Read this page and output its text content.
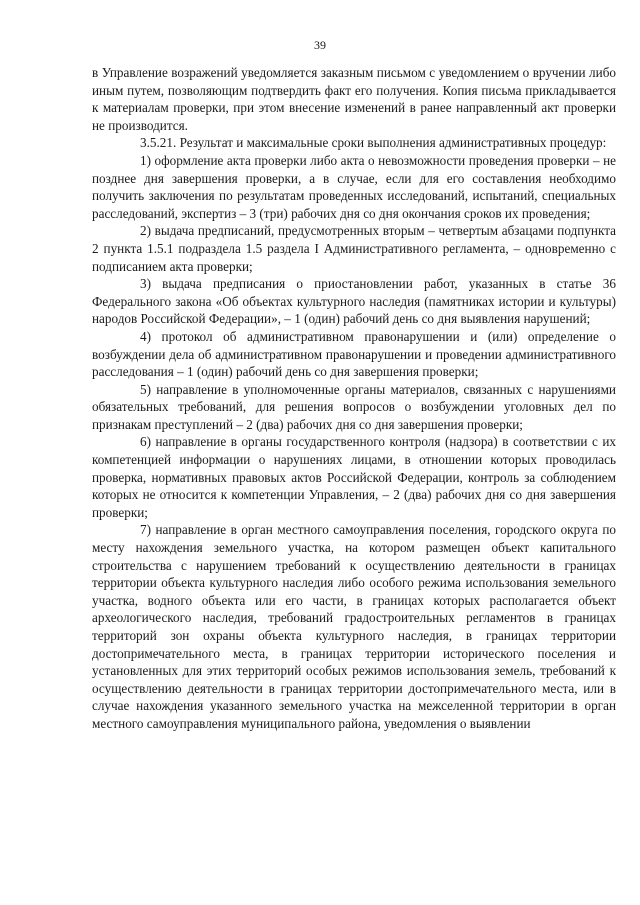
39

в Управление возражений уведомляется заказным письмом с уведомлением о вручении либо иным путем, позволяющим подтвердить факт его получения. Копия письма прикладывается к материалам проверки, при этом внесение изменений в ранее направленный акт проверки не производится.

3.5.21. Результат и максимальные сроки выполнения административных процедур:

1) оформление акта проверки либо акта о невозможности проведения проверки – не позднее дня завершения проверки, а в случае, если для его составления необходимо получить заключения по результатам проведенных исследований, испытаний, специальных расследований, экспертиз – 3 (три) рабочих дня со дня окончания сроков их проведения;

2) выдача предписаний, предусмотренных вторым – четвертым абзацами подпункта 2 пункта 1.5.1 подраздела 1.5 раздела I Административного регламента, – одновременно с подписанием акта проверки;

3) выдача предписания о приостановлении работ, указанных в статье 36 Федерального закона «Об объектах культурного наследия (памятниках истории и культуры) народов Российской Федерации», – 1 (один) рабочий день со дня выявления нарушений;

4) протокол об административном правонарушении и (или) определение о возбуждении дела об административном правонарушении и проведении административного расследования – 1 (один) рабочий день со дня завершения проверки;

5) направление в уполномоченные органы материалов, связанных с нарушениями обязательных требований, для решения вопросов о возбуждении уголовных дел по признакам преступлений – 2 (два) рабочих дня со дня завершения проверки;

6) направление в органы государственного контроля (надзора) в соответствии с их компетенцией информации о нарушениях лицами, в отношении которых проводилась проверка, нормативных правовых актов Российской Федерации, контроль за соблюдением которых не относится к компетенции Управления, – 2 (два) рабочих дня со дня завершения проверки;

7) направление в орган местного самоуправления поселения, городского округа по месту нахождения земельного участка, на котором размещен объект капитального строительства с нарушением требований к осуществлению деятельности в границах территории объекта культурного наследия либо особого режима использования земельного участка, водного объекта или его части, в границах которых располагается объект археологического наследия, требований градостроительных регламентов в границах территорий зон охраны объекта культурного наследия, в границах территории достопримечательного места, в границах территории исторического поселения и установленных для этих территорий особых режимов использования земель, требований к осуществлению деятельности в границах территории достопримечательного места, или в случае нахождения указанного земельного участка на межселенной территории в орган местного самоуправления муниципального района, уведомления о выявлении
